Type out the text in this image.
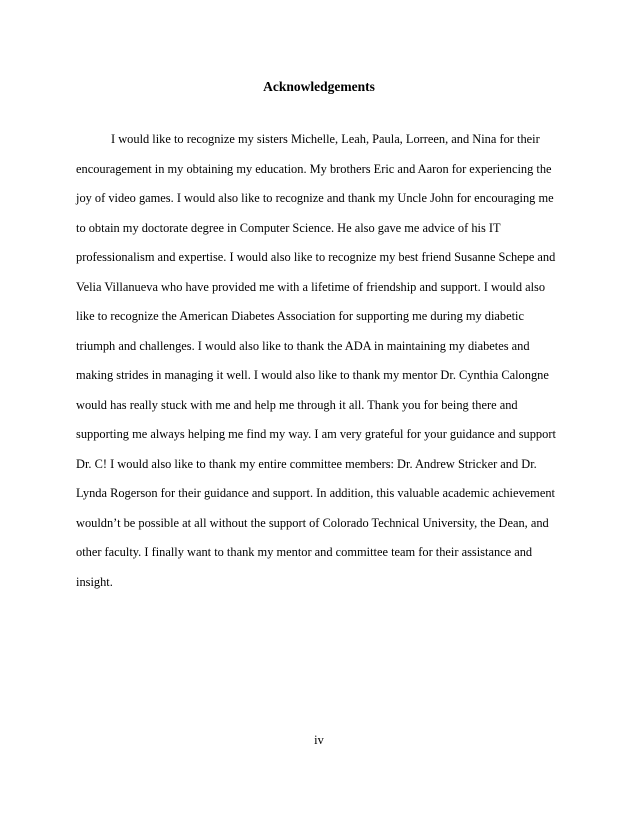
Acknowledgements
I would like to recognize my sisters Michelle, Leah, Paula, Lorreen, and Nina for their
encouragement in my obtaining my education. My brothers Eric and Aaron for experiencing the
joy of video games. I would also like to recognize and thank my Uncle John for encouraging me
to obtain my doctorate degree in Computer Science. He also gave me advice of his IT
professionalism and expertise. I would also like to recognize my best friend Susanne Schepe and
Velia Villanueva who have provided me with a lifetime of friendship and support. I would also
like to recognize the American Diabetes Association for supporting me during my diabetic
triumph and challenges. I would also like to thank the ADA in maintaining my diabetes and
making strides in managing it well. I would also like to thank my mentor Dr. Cynthia Calongne
would has really stuck with me and help me through it all. Thank you for being there and
supporting me always helping me find my way. I am very grateful for your guidance and support
Dr. C! I would also like to thank my entire committee members: Dr. Andrew Stricker and Dr.
Lynda Rogerson for their guidance and support. In addition, this valuable academic achievement
wouldn’t be possible at all without the support of Colorado Technical University, the Dean, and
other faculty. I finally want to thank my mentor and committee team for their assistance and
insight.
iv
